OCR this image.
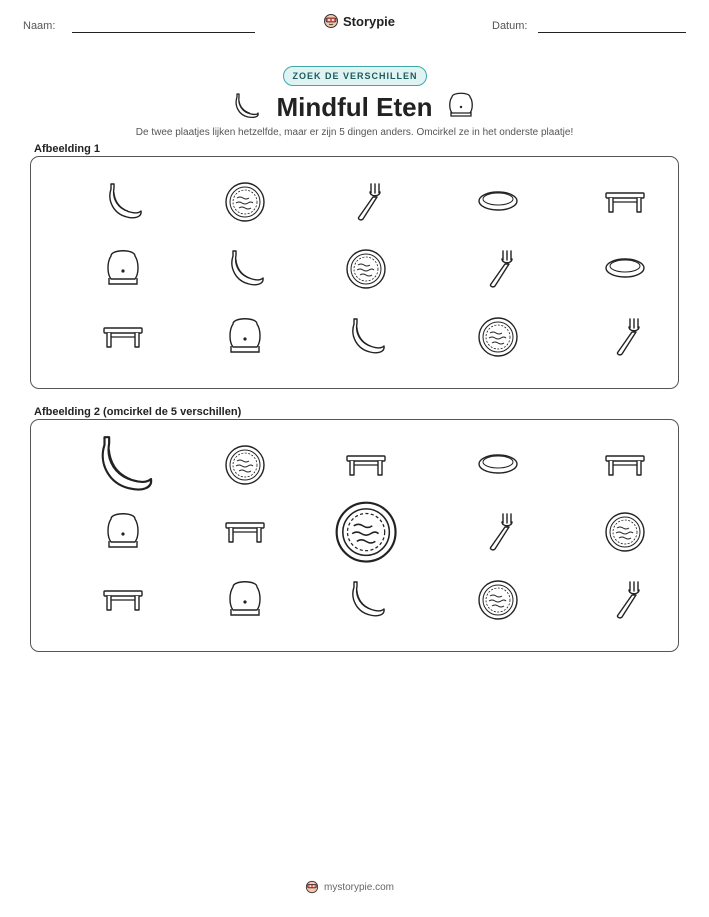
Naam:	Storypie	Datum:
ZOEK DE VERSCHILLEN
Mindful Eten
De twee plaatjes lijken hetzelfde, maar er zijn 5 dingen anders. Omcirkel ze in het onderste plaatje!
Afbeelding 1
Afbeelding 2 (omcirkel de 5 verschillen)
mystorypie.com
